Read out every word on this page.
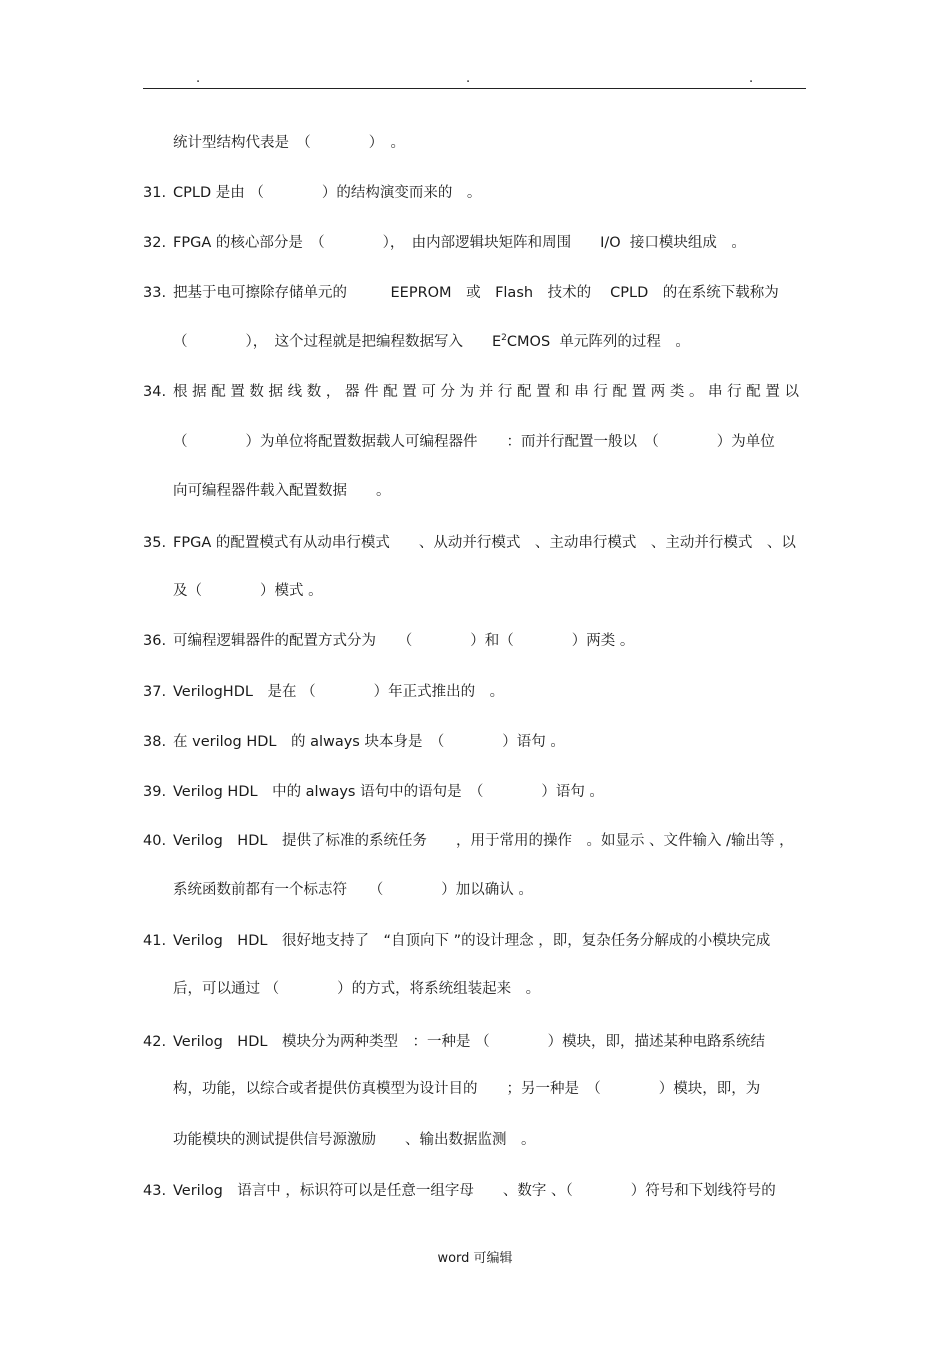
.	.	.
统计型结构代表是　（　　　　）　。
31. CPLD 是由 （　　　　）的结构演变而来的　。
32. FPGA 的核心部分是　（　　　　），　由内部逻辑块矩阵和周围　　I/O  接口模块组成　。
33. 把基于电可擦除存储单元的　　　EEPROM　或　Flash　技术的　 CPLD　的在系统下载称为
（　　　　），　这个过程就是把编程数据写入　　$E^2CMOS$  单元阵列的过程　。
34. 根 据 配 置 数 据 线 数 ， 器 件 配 置 可 分 为 并 行 配 置 和 串 行 配 置 两 类 。 串 行 配 置 以
（　　　　）为单位将配置数据载人可编程器件　　：而并行配置一般以　（　　　　）为单位
向可编程器件载入配置数据　　。
35. FPGA 的配置模式有从动串行模式　　、从动并行模式　、主动串行模式　、主动并行模式　、以
及（　　　　）模式 。
36. 可编程逻辑器件的配置方式分为　　（　　　　）和（　　　　）两类 。
37. VerilogHDL　是在 （　　　　）年正式推出的　。
38. 在 verilog HDL　的 always 块本身是　（　　　　）语句 。
39. Verilog HDL　中的 always 语句中的语句是　（　　　　）语句 。
40. Verilog　HDL　提供了标准的系统任务　　，用于常用的操作　。如显示 、文件输入 /输出等 ，
系统函数前都有一个标志符　　（　　　　）加以确认 。
41. Verilog　HDL　很好地支持了　“自顶向下 ”的设计理念 ，即，复杂任务分解成的小模块完成
后，可以通过 （　　　　）的方式，将系统组装起来　。
42. Verilog　HDL　模块分为两种类型　：一种是 （　　　　）模块，即，描述某种电路系统结
构，功能，以综合或者提供仿真模型为设计目的　　；另一种是　（　　　　）模块，即，为
功能模块的测试提供信号源激励　　、输出数据监测　。
43. Verilog　语言中 ，标识符可以是任意一组字母　　、数字 、（　　　　）符号和下划线符号的
word 可编辑
